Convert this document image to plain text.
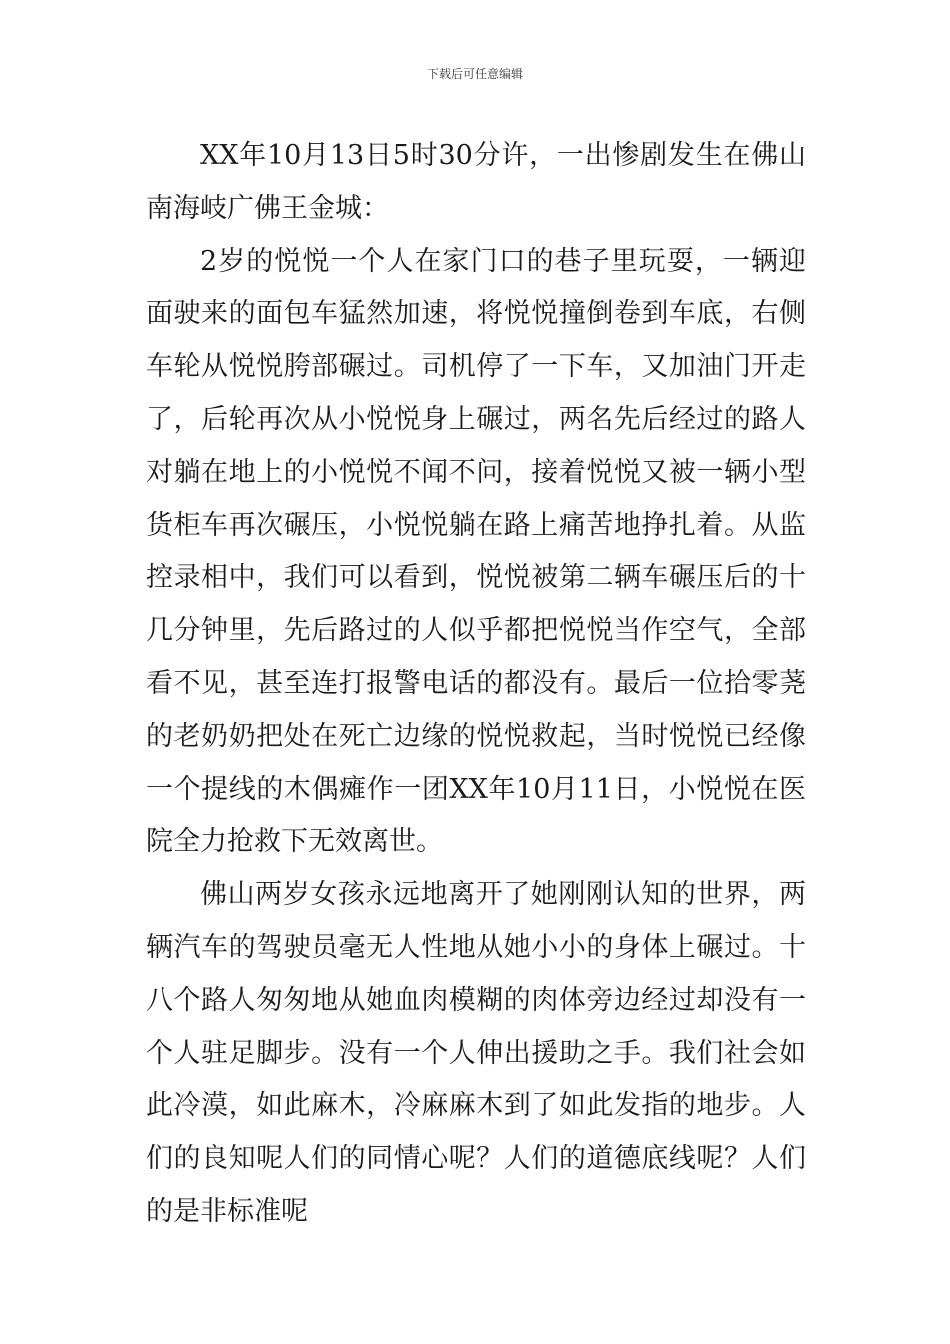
下载后可任意编辑

XX年10月13日5时30分许，一出惨剧发生在佛山南海岐广佛王金城：

2岁的悦悦一个人在家门口的巷子里玩耍，一辆迎面驶来的面包车猛然加速，将悦悦撞倒卷到车底，右侧车轮从悦悦胯部碾过。司机停了一下车，又加油门开走了，后轮再次从小悦悦身上碾过，两名先后经过的路人对躺在地上的小悦悦不闻不问，接着悦悦又被一辆小型货柜车再次碾压，小悦悦躺在路上痛苦地挣扎着。从监控录相中，我们可以看到，悦悦被第二辆车碾压后的十几分钟里，先后路过的人似乎都把悦悦当作空气，全部看不见，甚至连打报警电话的都没有。最后一位拾零荛的老奶奶把处在死亡边缘的悦悦救起，当时悦悦已经像一个提线的木偶瘫作一团XX年10月11日，小悦悦在医院全力抢救下无效离世。

佛山两岁女孩永远地离开了她刚刚认知的世界，两辆汽车的驾驶员毫无人性地从她小小的身体上碾过。十八个路人匆匆地从她血肉模糊的肉体旁边经过却没有一个人驻足脚步。没有一个人伸出援助之手。我们社会如此冷漠，如此麻木，冷麻麻木到了如此发指的地步。人们的良知呢人们的同情心呢？人们的道德底线呢？人们的是非标准呢
